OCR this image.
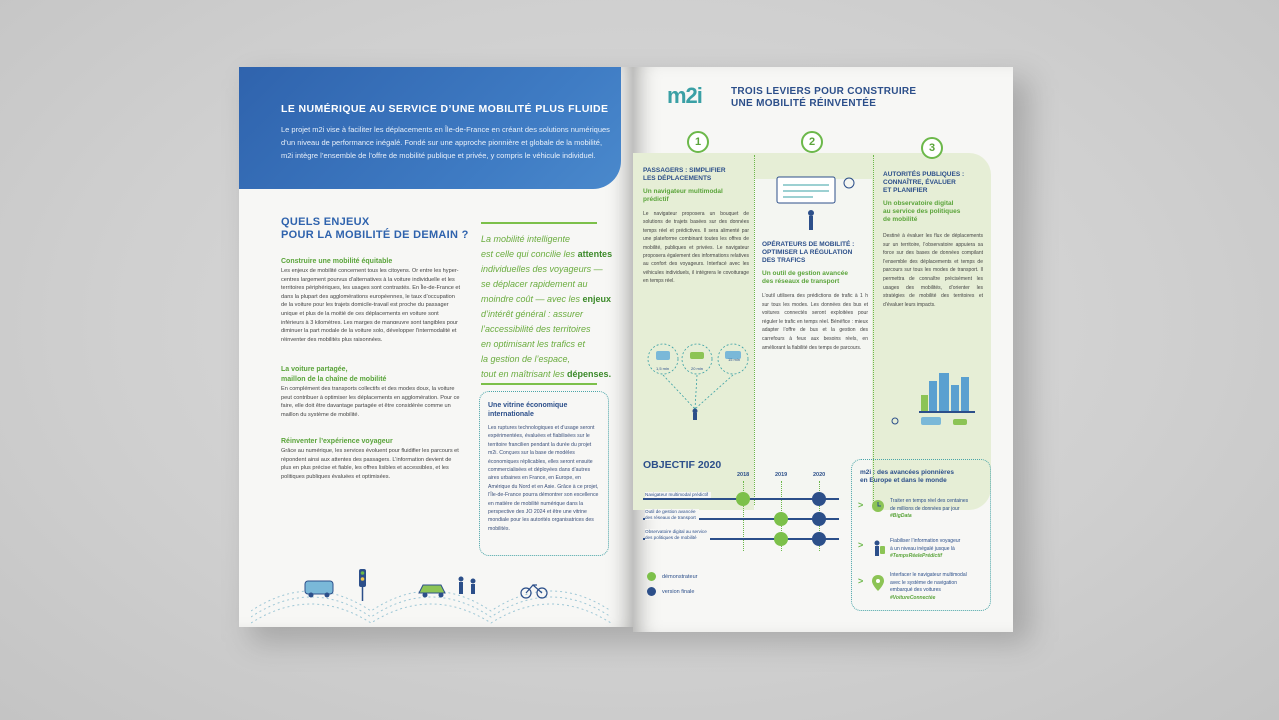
LE NUMÉRIQUE AU SERVICE D’UNE MOBILITÉ PLUS FLUIDE

Le projet m2i vise à faciliter les déplacements en Île-de-France en créant des solutions numériques d’un niveau de performance inégalé. Fondé sur une approche pionnière et globale de la mobilité, m2i intègre l’ensemble de l’offre de mobilité publique et privée, y compris le véhicule individuel.

QUELS ENJEUX
POUR LA MOBILITÉ DE DEMAIN ?
Construire une mobilité équitable
Les enjeux de mobilité concernent tous les citoyens. Or entre les hyper-centres largement pourvus d’alternatives à la voiture individuelle et les territoires périphériques, les usages sont contrastés. En Île-de-France et dans la plupart des agglomérations européennes, le taux d’occupation de la voiture pour les trajets domicile-travail est proche du passager unique et plus de la moitié de ces déplacements en voiture sont inférieurs à 3 kilomètres. Les marges de manœuvre sont tangibles pour diminuer la part modale de la voiture solo, développer l’intermodalité et réinventer des mobilités plus raisonnées.
La voiture partagée,
maillon de la chaîne de mobilité
En complément des transports collectifs et des modes doux, la voiture peut contribuer à optimiser les déplacements en agglomération. Pour ce faire, elle doit être davantage partagée et être considérée comme un maillon du système de mobilité.
Réinventer l’expérience voyageur
Grâce au numérique, les services évoluent pour fluidifier les parcours et répondent ainsi aux attentes des passagers. L’information devient de plus en plus précise et fiable, les offres lisibles et accessibles, et les politiques publiques évaluées et optimisées.
La mobilité intelligente
est celle qui concilie les attentes
individuelles des voyageurs —
se déplacer rapidement au
moindre coût — avec les enjeux
d’intérêt général : assurer
l’accessibilité des territoires
en optimisant les trafics et
la gestion de l’espace,
tout en maîtrisant les dépenses.
Une vitrine économique
internationale
Les ruptures technologiques et d’usage seront expérimentées, évaluées et fiabilisées sur le territoire francilien pendant la durée du projet m2i. Conçues sur la base de modèles économiques réplicables, elles seront ensuite commercialisées et déployées dans d’autres aires urbaines en France, en Europe, en Amérique du Nord et en Asie. Grâce à ce projet, l’Île-de-France pourra démontrer son excellence en matière de mobilité numérique dans la perspective des JO 2024 et être une vitrine mondiale pour les autorités organisatrices des mobilités.
m2i	TROIS LEVIERS POUR CONSTRUIRE
UNE MOBILITÉ RÉINVENTÉE
1	2	3
PASSAGERS : SIMPLIFIER
LES DÉPLACEMENTS
Un navigateur multimodal
prédictif
Le navigateur proposera un bouquet de solutions de trajets basées sur des données temps réel et prédictives. Il sera alimenté par une plateforme combinant toutes les offres de mobilité, publiques et privées. Le navigateur proposera également des informations relatives au confort des voyageurs. Interfacé avec les véhicules individuels, il intégrera le covoiturage en temps réel.
1,5 min	20 min
15 min
OPÉRATEURS DE MOBILITÉ :
OPTIMISER LA RÉGULATION
DES TRAFICS
Un outil de gestion avancée
des réseaux de transport
L’outil utilisera des prédictions de trafic à 1 h sur tous les modes. Les données des bus et voitures connectés seront exploitées pour réguler le trafic en temps réel. Bénéfice : mieux adapter l’offre de bus et la gestion des carrefours à feux aux besoins réels, en améliorant la fiabilité des temps de parcours.
AUTORITÉS PUBLIQUES :
CONNAÎTRE, ÉVALUER
ET PLANIFIER
Un observatoire digital
au service des politiques
de mobilité
Destiné à évaluer les flux de déplacements sur un territoire, l’observatoire appuiera sa force sur des bases de données compilant l’ensemble des déplacements et temps de parcours sur tous les modes de transport. Il permettra de connaître précisément les usages des mobilités, d’orienter les stratégies de mobilité des territoires et d’évaluer leurs impacts.
OBJECTIF 2020
2018	2019	2020
Navigateur multimodal prédictif
Outil de gestion avancée
des réseaux de transport
Observatoire digital au service
des politiques de mobilité
démonstrateur
version finale
m2i : des avancées pionnières
en Europe et dans le monde
>	Traiter en temps réel des centaines
de millions de données par jour
#BigData
>	Fiabiliser l’information voyageur
à un niveau inégalé jusque là
#TempsRéelePrédictif
>
Interfacer le navigateur multimodal
avec le système de navigation
embarqué des voitures
#VoitureConnectée
